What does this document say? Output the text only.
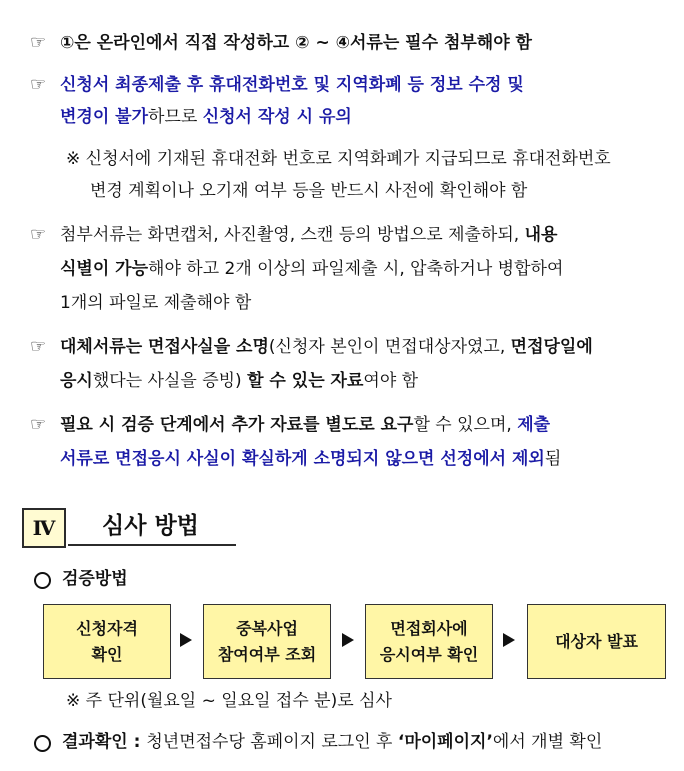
☞ ①은 온라인에서 직접 작성하고 ② ~ ④서류는 필수 첨부해야 함
☞ 신청서 최종제출 후 휴대전화번호 및 지역화폐 등 정보 수정 및
변경이 불가하므로 신청서 작성 시 유의
※ 신청서에 기재된 휴대전화 번호로 지역화폐가 지급되므로 휴대전화번호
변경 계획이나 오기재 여부 등을 반드시 사전에 확인해야 함
☞ 첨부서류는 화면캡처, 사진촬영, 스캔 등의 방법으로 제출하되, 내용
식별이 가능해야 하고 2개 이상의 파일제출 시, 압축하거나 병합하여
1개의 파일로 제출해야 함
☞ 대체서류는 면접사실을 소명(신청자 본인이 면접대상자였고, 면접당일에
응시했다는 사실을 증빙) 할 수 있는 자료여야 함
☞ 필요 시 검증 단계에서 추가 자료를 별도로 요구할 수 있으며, 제출
서류로 면접응시 사실이 확실하게 소명되지 않으면 선정에서 제외됨
Ⅳ	심사 방법
검증방법
신청자격
확인
중복사업
참여여부 조회
면접회사에
응시여부 확인
대상자 발표
※ 주 단위(월요일 ~ 일요일 접수 분)로 심사
결과확인 : 청년면접수당 홈페이지 로그인 후 ‘마이페이지’에서 개별 확인
